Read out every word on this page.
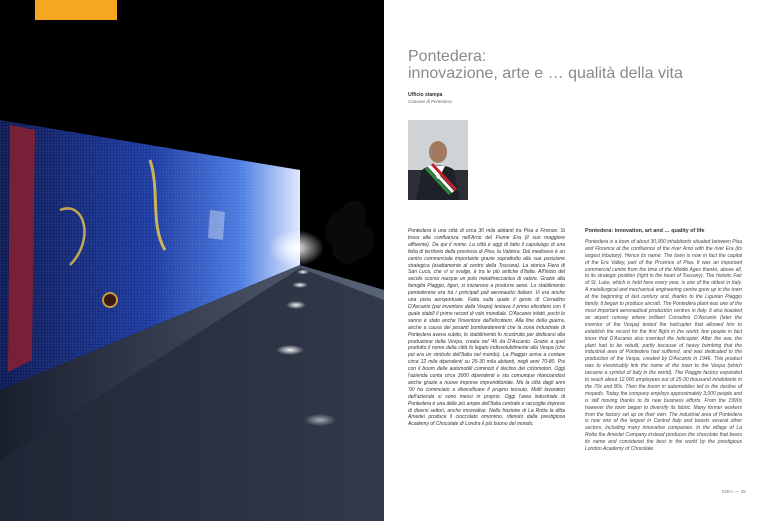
Pontedera:
innovazione, arte e … qualità della vita
Ufficio stampa
Comune di Pontedera

Pontedera è una città di circa 30 mila abitanti tra Pisa e Firenze. Si trova alla confluenza nell'Arno del Fiume Era (il suo maggiore affluente). Da qui il nome. La città è oggi di fatto il capoluogo di una fetta di territorio della provincia di Pisa, la Valdera. Dal medioevo è un centro commerciale importante grazie soprattutto alla sua posizione strategica (esattamente al centro della Toscana). La storica Fiera di San Luca, che vi si svolge, è tra le più antiche d'Italia. All'inizio del secolo scorso nacque un polo metalmeccanico di valore. Grazie alla famiglia Piaggio, liguri, si iniziarono a produrre aerei. Lo stabilimento pontederese era tra i principali poli aeronautici italiani. Vi era anche una pista aeroportuale. Fatta sulla quale il genio di Corradino D'Ascanio (poi inventore della Vespa) testava il primo elicottero con il quale stabilì il primo record di volo mondiale. D'Ascanio infatti, pochi lo sanno è stato anche l'inventore dell'elicottero. Alla fine della guerra, anche a causa dei pesanti bombardamenti che la zona industriale di Pontedera aveva subito, lo stabilimento fu ricostruito per dedicarsi alla produzione della Vespa, creata nel '46 da D'Ascanio. Grazie a quel prodotto il nome della città fu legato indissolubilmente alla Vespa (che poi era un simbolo dell'Italia nel mondo). La Piaggio arriva a contare circa 12 mila dipendenti su 25-30 mila abitanti, negli anni 70-80. Poi con il boom delle automobili cominciò il declino dei ciclomotori. Oggi l'azienda conta circa 3000 dipendenti e sta comunque rilanciandosi anche grazie a nuove imprese imprenditoriale. Ma la città dagli anni '90 ha cominciato a diversificare il proprio tessuto. Molti lavoratori dell'azienda si sono messi in proprio. Oggi l'area industriale di Pontedera è una delle più ampie dell'Italia centrale e raccoglie imprese di diversi settori, anche innovative. Nello frazione di La Rotta la ditta Amedei produce il cioccolato omonimo, ritenuto dalla prestigiosa Academy of Chocolate di Londra il più buono del mondo.

Pontedera: innovation, art and … quality of life
Pontedera is a town of about 30,000 inhabitants situated between Pisa and Florence at the confluence of the river Arno with the river Era (its largest tributary). Hence its name. The town is now in fact the capital of the Era Valley, part of the Province of Pisa. It was an important commercial centre from the time of the Middle Ages thanks, above all, to its strategic position (right in the heart of Tuscany). The historic Fair of St. Luke, which is held here every year, is one of the oldest in Italy. A metallurgical and mechanical engineering centre grew up in the town at the beginning of last century and, thanks to the Ligurian Piaggio family, it began to produce aircraft. The Pontedera plant was one of the most important aeronautical production centres in Italy. It also boasted an airport runway where brilliant Corradino D'Ascanio (later the inventor of the Vespa) tested the helicopter that allowed him to establish the record for the first flight in the world; few people in fact know that D'Ascanio also invented the helicopter. After the war, the plant had to be rebuilt, partly because of heavy bombing that the industrial area of Pontedera had suffered, and was dedicated to the production of the Vespa, created by D'Ascanio in 1946. This product was to inextricably link the name of the town to the Vespa (which became a symbol of Italy in the world). The Piaggio factory expanded to reach about 12,000 employees out of 25-30 thousand inhabitants in the 70s and 80s. Then the boom in automobiles led to the decline of mopeds. Today the company employs approximately 3,000 people and is still moving thanks to its new business efforts. From the 1990s however the town began to diversify its fabric. Many former workers from the factory set up on their own. The industrial area of Pontedera is now one of the largest in Central Italy and boasts several other sectors, including many innovative companies. In the village of La Rotta the Amedei Company instead produces the chocolate that bears its name and considered the best in the world by the prestigious London Academy of Chocolate.
IDEA — 35
